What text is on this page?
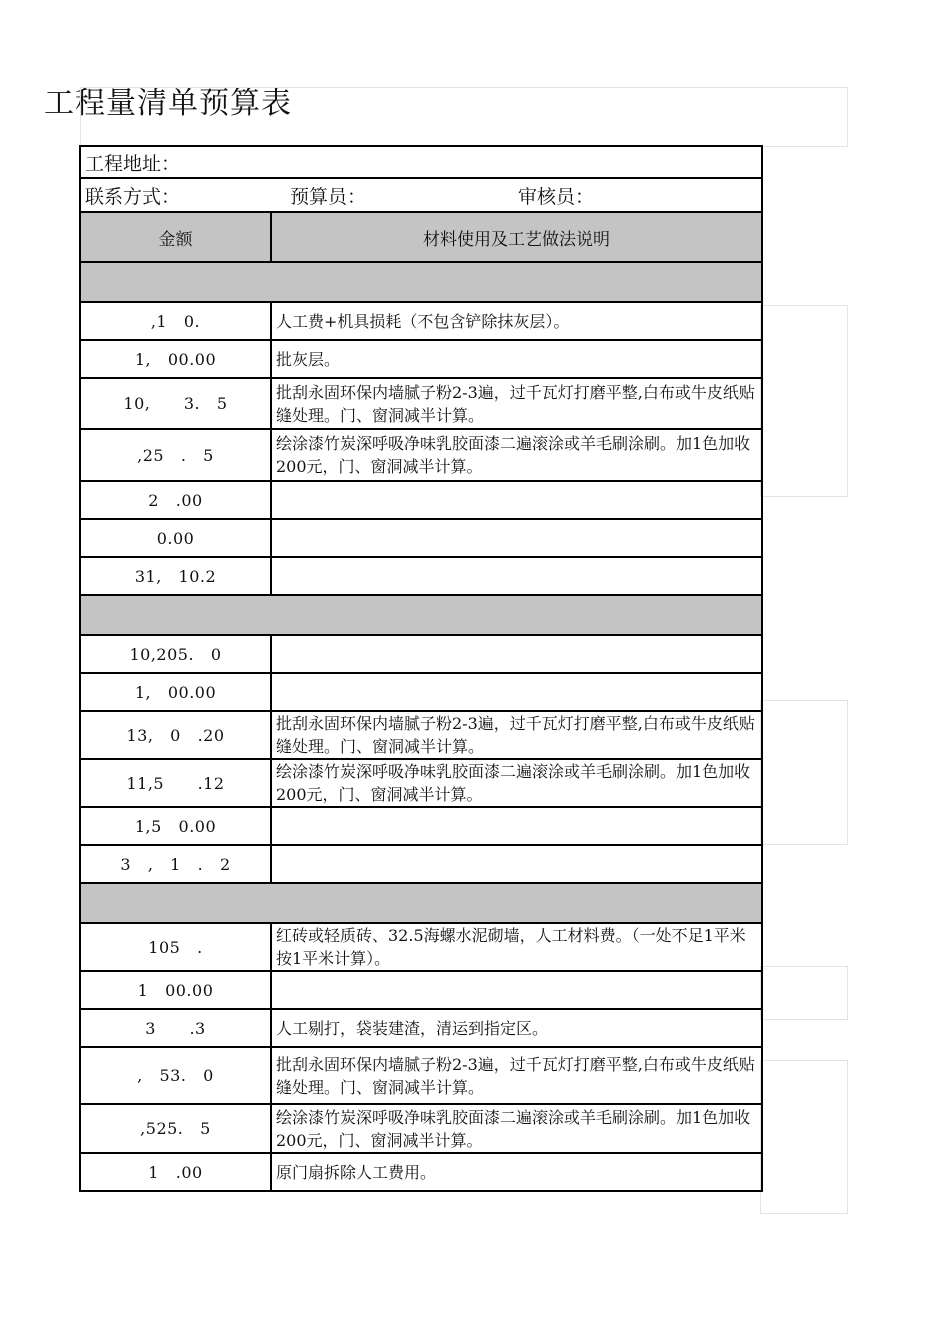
工程量清单预算表
工程地址：	
联系方式： 预算员： 审核员：	
金额	材料使用及工艺做法说明

,1   0.	人工费+机具损耗（不包含铲除抹灰层）。
1,   00.00	批灰层。
10,      3.   5	批刮永固环保内墙腻子粉2-3遍，过千瓦灯打磨平整,白布或牛皮纸贴缝处理。门、窗洞减半计算。
,25   .   5	绘涂漆竹炭深呼吸净味乳胶面漆二遍滚涂或羊毛刷涂刷。加1色加收200元，门、窗洞减半计算。
2   .00	
0.00	
31,   10.2	

10,205.   0	
1,   00.00	
13,   0   .20	批刮永固环保内墙腻子粉2-3遍，过千瓦灯打磨平整,白布或牛皮纸贴缝处理。门、窗洞减半计算。
11,5      .12	绘涂漆竹炭深呼吸净味乳胶面漆二遍滚涂或羊毛刷涂刷。加1色加收200元，门、窗洞减半计算。
1,5   0.00	
3   ,   1   .   2	

105   .	红砖或轻质砖、32.5海螺水泥砌墙，人工材料费。（一处不足1平米按1平米计算）。
1   00.00	
3      .3	人工剔打，袋装建渣，清运到指定区。
,   53.   0	批刮永固环保内墙腻子粉2-3遍，过千瓦灯打磨平整,白布或牛皮纸贴缝处理。门、窗洞减半计算。
,525.   5	绘涂漆竹炭深呼吸净味乳胶面漆二遍滚涂或羊毛刷涂刷。加1色加收200元，门、窗洞减半计算。
1   .00	原门扇拆除人工费用。
